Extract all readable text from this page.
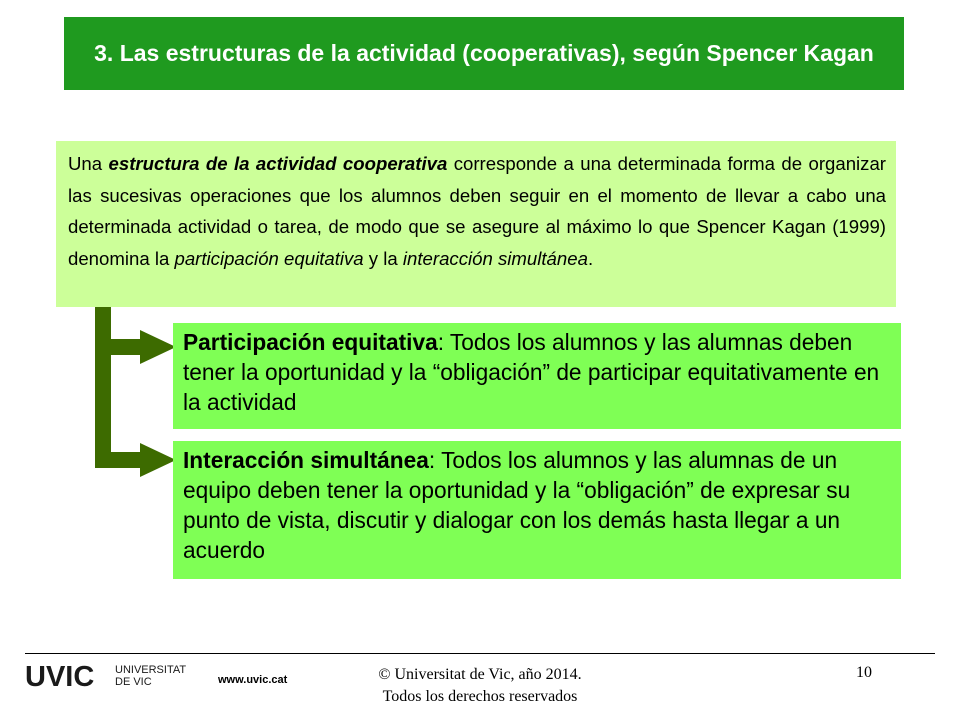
3. Las estructuras de la actividad (cooperativas), según Spencer Kagan

Una estructura de la actividad cooperativa corresponde a una determinada forma de organizar las sucesivas operaciones que los alumnos deben seguir en el momento de llevar a cabo una determinada actividad o tarea, de modo que se asegure al máximo lo que Spencer Kagan (1999) denomina la participación equitativa y la interacción simultánea.

Participación equitativa: Todos los alumnos y las alumnas deben tener la oportunidad y la “obligación” de participar equitativamente en la actividad
Interacción simultánea: Todos los alumnos y las alumnas de un equipo deben tener la oportunidad y la “obligación” de expresar su punto de vista, discutir y dialogar con los demás hasta llegar a un acuerdo
UVIC UNIVERSITAT
DE VIC	www.uvic.cat	© Universitat de Vic, año 2014.
Todos los derechos reservados
10
